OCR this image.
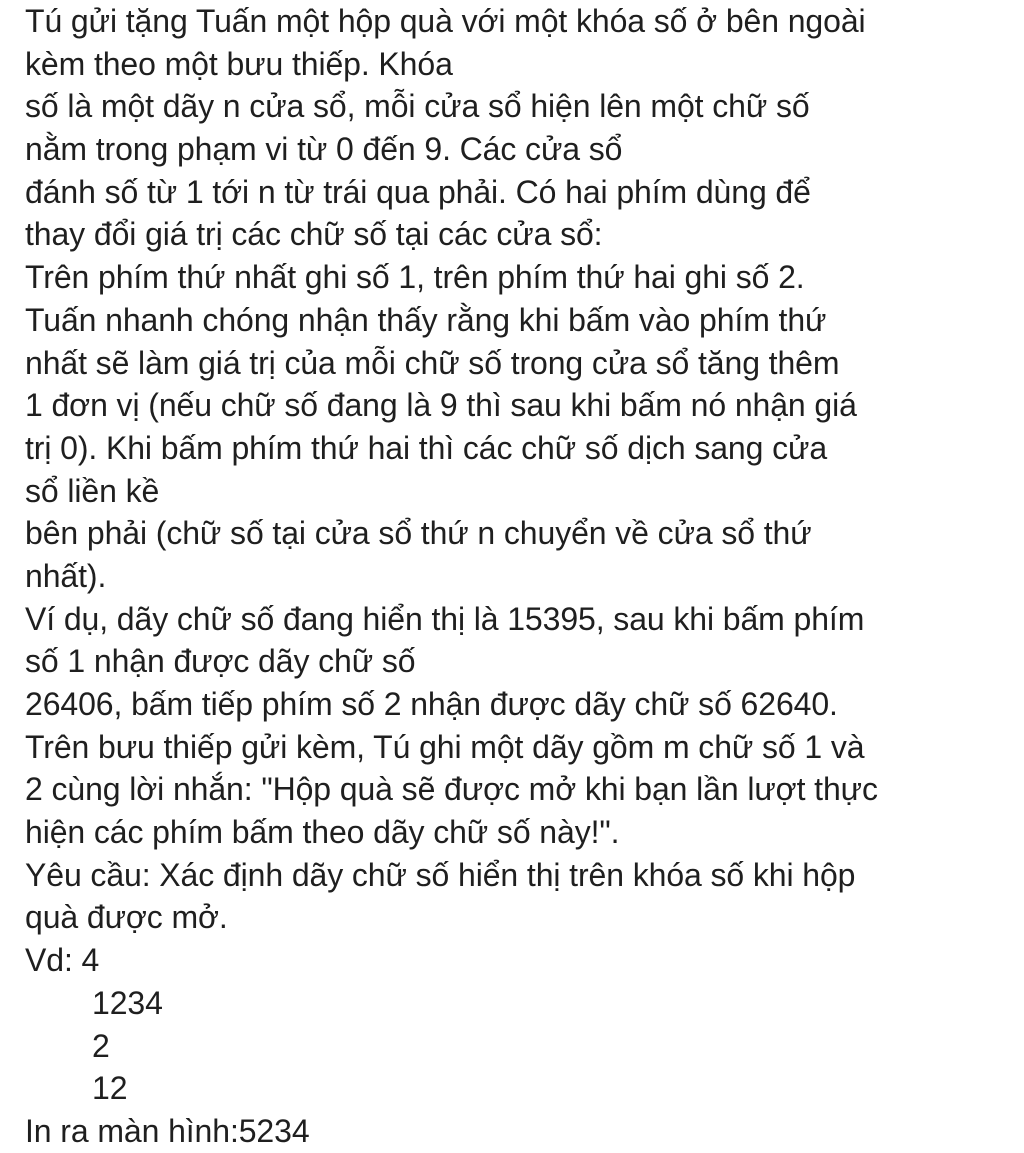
Tú gửi tặng Tuấn một hộp quà với một khóa số ở bên ngoài
kèm theo một bưu thiếp. Khóa
số là một dãy n cửa sổ, mỗi cửa sổ hiện lên một chữ số
nằm trong phạm vi từ 0 đến 9. Các cửa sổ
đánh số từ 1 tới n từ trái qua phải. Có hai phím dùng để
thay đổi giá trị các chữ số tại các cửa sổ:
Trên phím thứ nhất ghi số 1, trên phím thứ hai ghi số 2.
Tuấn nhanh chóng nhận thấy rằng khi bấm vào phím thứ
nhất sẽ làm giá trị của mỗi chữ số trong cửa sổ tăng thêm
1 đơn vị (nếu chữ số đang là 9 thì sau khi bấm nó nhận giá
trị 0). Khi bấm phím thứ hai thì các chữ số dịch sang cửa
sổ liền kề
bên phải (chữ số tại cửa sổ thứ n chuyển về cửa sổ thứ
nhất).
Ví dụ, dãy chữ số đang hiển thị là 15395, sau khi bấm phím
số 1 nhận được dãy chữ số
26406, bấm tiếp phím số 2 nhận được dãy chữ số 62640.
Trên bưu thiếp gửi kèm, Tú ghi một dãy gồm m chữ số 1 và
2 cùng lời nhắn: "Hộp quà sẽ được mở khi bạn lần lượt thực
hiện các phím bấm theo dãy chữ số này!".
Yêu cầu: Xác định dãy chữ số hiển thị trên khóa số khi hộp
quà được mở.
Vd: 4
1234
2
12
In ra màn hình:5234
